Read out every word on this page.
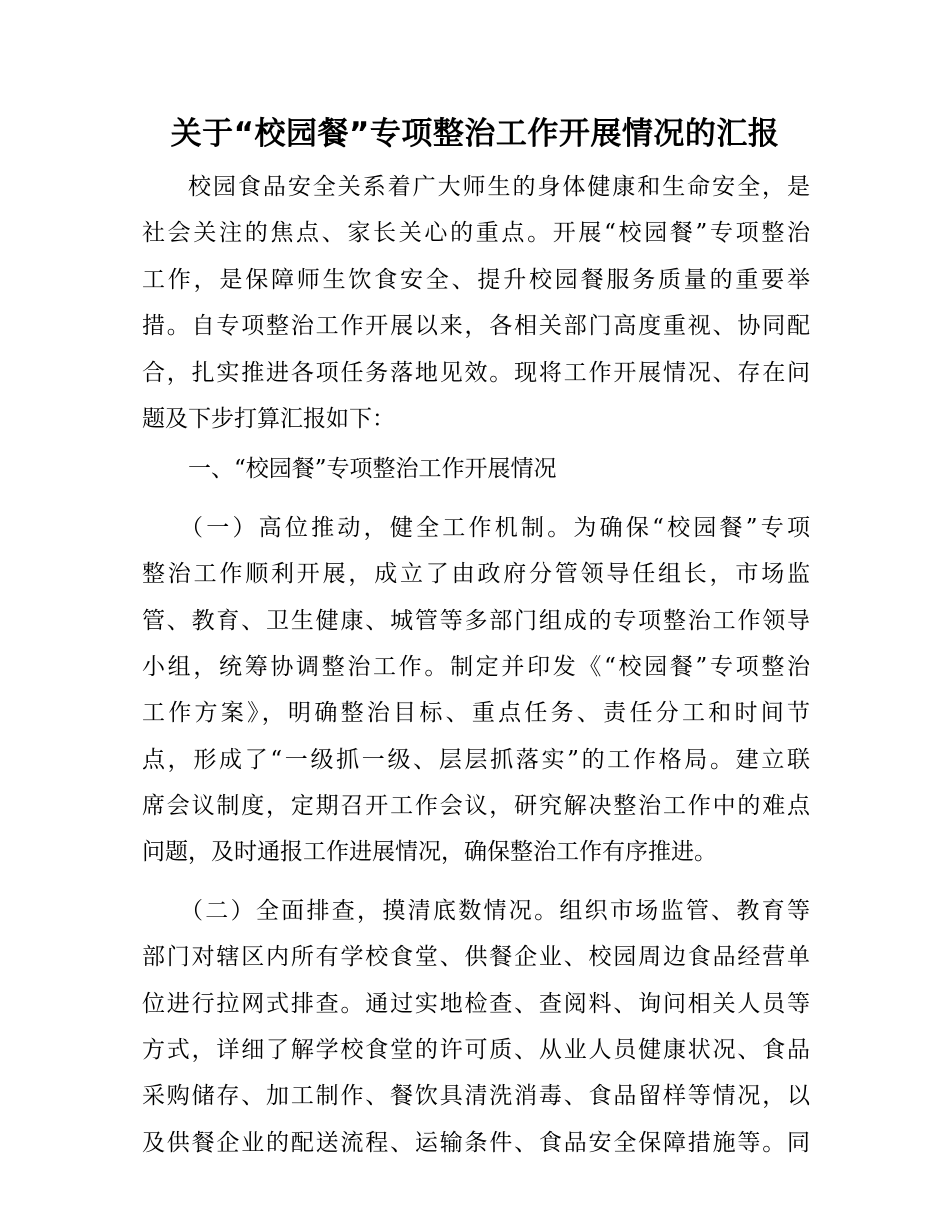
关于“校园餐”专项整治工作开展情况的汇报
校园食品安全关系着广大师生的身体健康和生命安全，是
社会关注的焦点、家长关心的重点。开展“校园餐”专项整治
工作，是保障师生饮食安全、提升校园餐服务质量的重要举
措。自专项整治工作开展以来，各相关部门高度重视、协同配
合，扎实推进各项任务落地见效。现将工作开展情况、存在问
题及下步打算汇报如下：
一、“校园餐”专项整治工作开展情况
（一）高位推动，健全工作机制。为确保“校园餐”专项
整治工作顺利开展，成立了由政府分管领导任组长，市场监
管、教育、卫生健康、城管等多部门组成的专项整治工作领导
小组，统筹协调整治工作。制定并印发《“校园餐”专项整治
工作方案》，明确整治目标、重点任务、责任分工和时间节
点，形成了“一级抓一级、层层抓落实”的工作格局。建立联
席会议制度，定期召开工作会议，研究解决整治工作中的难点
问题，及时通报工作进展情况，确保整治工作有序推进。
（二）全面排查，摸清底数情况。组织市场监管、教育等
部门对辖区内所有学校食堂、供餐企业、校园周边食品经营单
位进行拉网式排查。通过实地检查、查阅料、询问相关人员等
方式，详细了解学校食堂的许可质、从业人员健康状况、食品
采购储存、加工制作、餐饮具清洗消毒、食品留样等情况，以
及供餐企业的配送流程、运输条件、食品安全保障措施等。同
